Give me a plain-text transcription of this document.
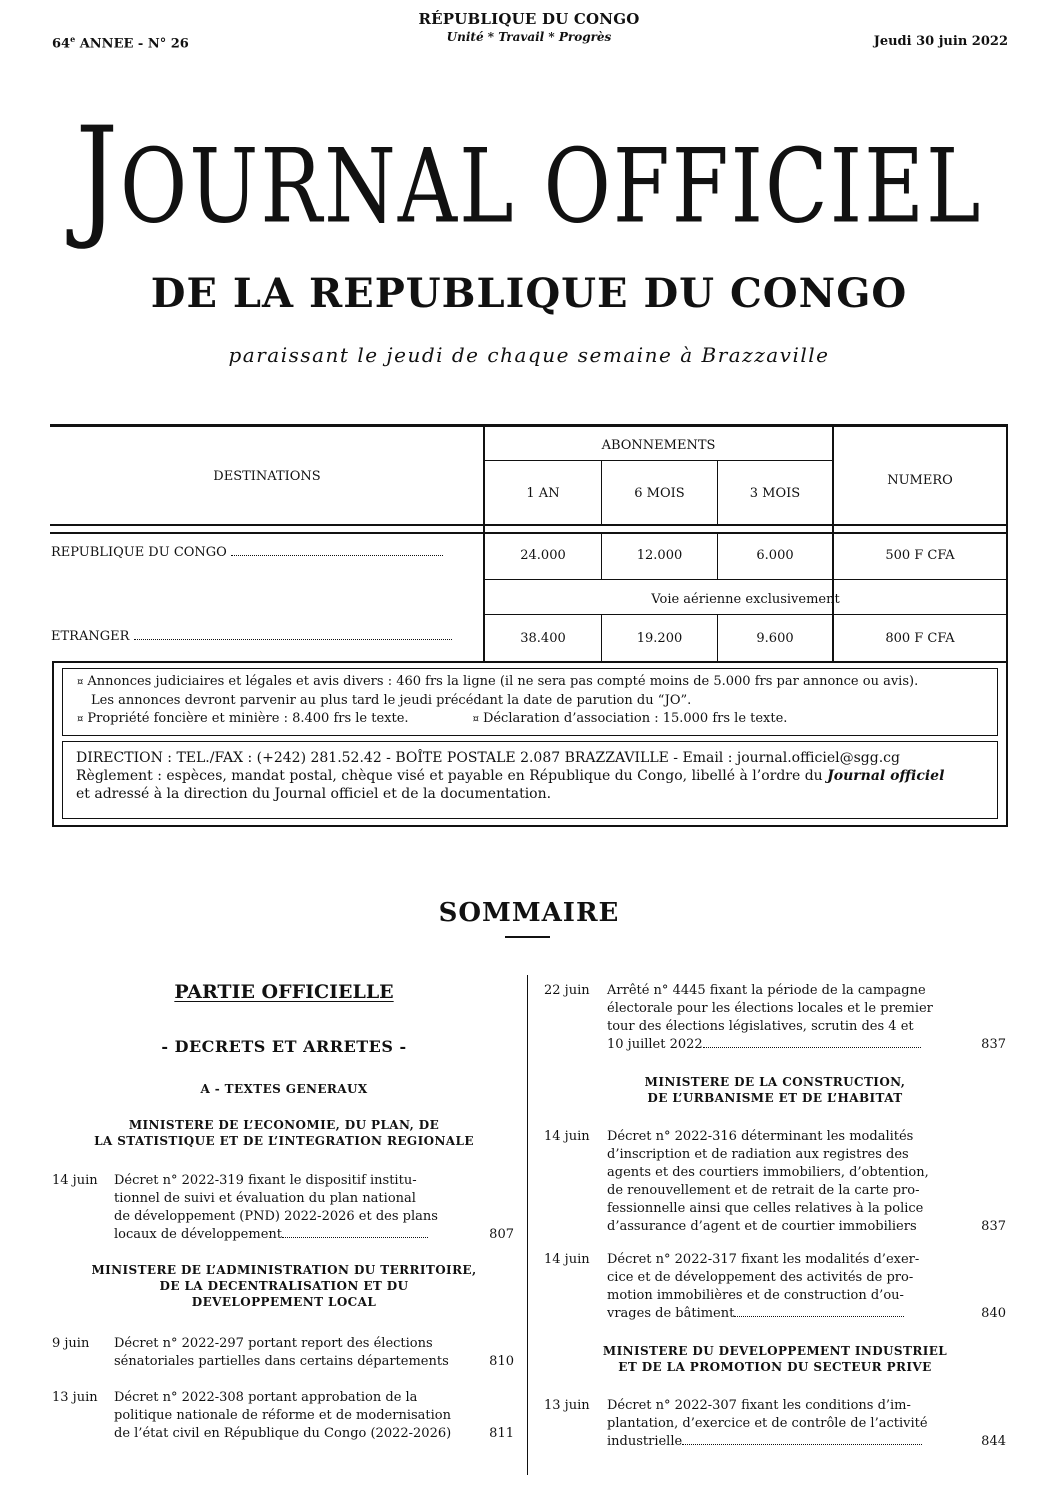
64e ANNEE - N° 26
RÉPUBLIQUE DU CONGO
Unité * Travail * Progrès	Jeudi 30 juin 2022
JOURNAL OFFICIEL
DE LA REPUBLIQUE DU CONGO
paraissant le jeudi de chaque semaine à Brazzaville
DESTINATIONS
ABONNEMENTS
NUMERO
1 AN	6 MOIS	3 MOIS
REPUBLIQUE DU CONGO	24.000	12.000	6.000	500 F CFA
Voie aérienne exclusivement
ETRANGER	38.400	19.200	9.600	800 F CFA
¤ Annonces judiciaires et légales et avis divers : 460 frs la ligne (il ne sera pas compté moins de 5.000 frs par annonce ou avis).
Les annonces devront parvenir au plus tard le jeudi précédant la date de parution du “JO”.
¤ Propriété foncière et minière : 8.400 frs le texte.	¤ Déclaration d’association : 15.000 frs le texte.
DIRECTION : TEL./FAX : (+242) 281.52.42 - BOÎTE POSTALE 2.087 BRAZZAVILLE - Email : journal.officiel@sgg.cg
Règlement : espèces, mandat postal, chèque visé et payable en République du Congo, libellé à l’ordre du Journal officiel
et adressé à la direction du Journal officiel et de la documentation.
SOMMAIRE
PARTIE OFFICIELLE
- DECRETS ET ARRETES -
A - TEXTES GENERAUX
MINISTERE DE L’ECONOMIE, DU PLAN, DE
LA STATISTIQUE ET DE L’INTEGRATION REGIONALE
14 juin Décret n° 2022-319 fixant le dispositif institu-
tionnel de suivi et évaluation du plan national
de développement (PND) 2022-2026 et des plans
locaux de développement	807
MINISTERE DE L’ADMINISTRATION DU TERRITOIRE,
DE LA DECENTRALISATION ET DU
DEVELOPPEMENT LOCAL
9 juin Décret n° 2022-297 portant report des élections
sénatoriales partielles dans certains départements	810
13 juin Décret n° 2022-308 portant approbation de la
politique nationale de réforme et de modernisation
de l’état civil en République du Congo (2022-2026)	811
22 juin Arrêté n° 4445 fixant la période de la campagne
électorale pour les élections locales et le premier
tour des élections législatives, scrutin des 4 et
10 juillet 2022	837
MINISTERE DE LA CONSTRUCTION,
DE L’URBANISME ET DE L’HABITAT
14 juin Décret n° 2022-316 déterminant les modalités
d’inscription et de radiation aux registres des
agents et des courtiers immobiliers, d’obtention,
de renouvellement et de retrait de la carte pro-
fessionnelle ainsi que celles relatives à la police
d’assurance d’agent et de courtier immobiliers	837
14 juin Décret n° 2022-317 fixant les modalités d’exer-
cice et de développement des activités de pro-
motion immobilières et de construction d’ou-
vrages de bâtiment	840
MINISTERE DU DEVELOPPEMENT INDUSTRIEL
ET DE LA PROMOTION DU SECTEUR PRIVE
13 juin Décret n° 2022-307 fixant les conditions d’im-
plantation, d’exercice et de contrôle de l’activité
industrielle	844
